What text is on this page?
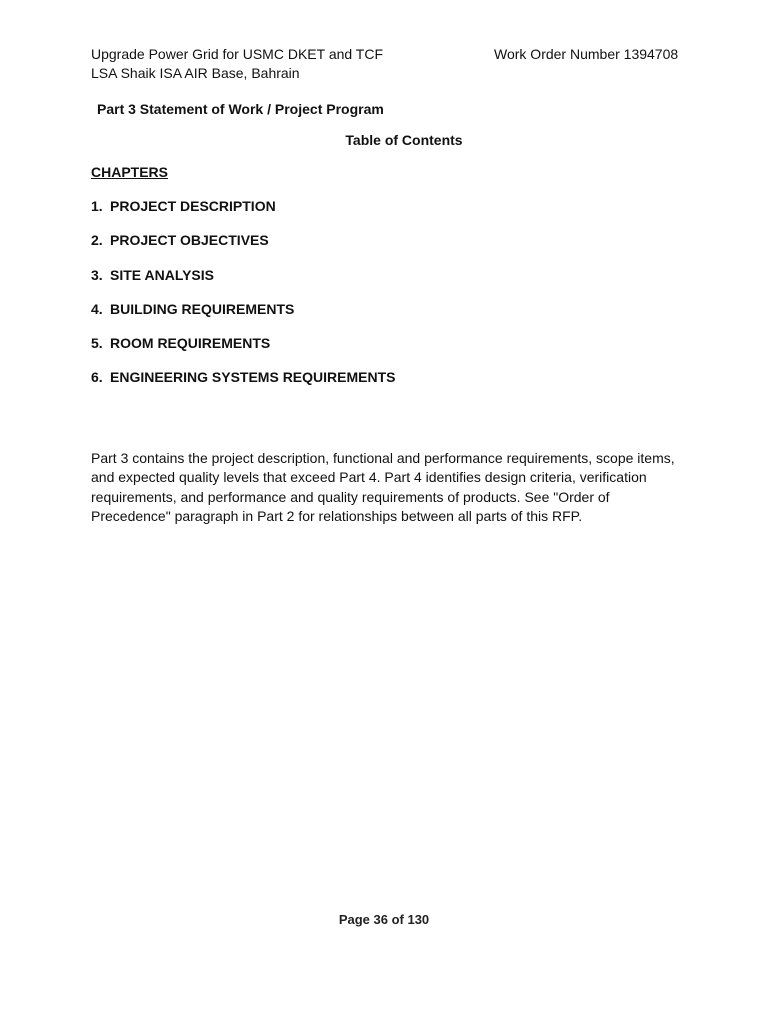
Upgrade Power Grid for USMC DKET and TCF
LSA Shaik ISA AIR Base, Bahrain
Work Order Number 1394708
Part 3 Statement of Work / Project Program
Table of Contents
CHAPTERS
1. PROJECT DESCRIPTION
2. PROJECT OBJECTIVES
3. SITE ANALYSIS
4. BUILDING REQUIREMENTS
5. ROOM REQUIREMENTS
6. ENGINEERING SYSTEMS REQUIREMENTS

Part 3 contains the project description, functional and performance requirements, scope items, and expected quality levels that exceed Part 4. Part 4 identifies design criteria, verification requirements, and performance and quality requirements of products. See "Order of Precedence" paragraph in Part 2 for relationships between all parts of this RFP.

Page 36 of 130
